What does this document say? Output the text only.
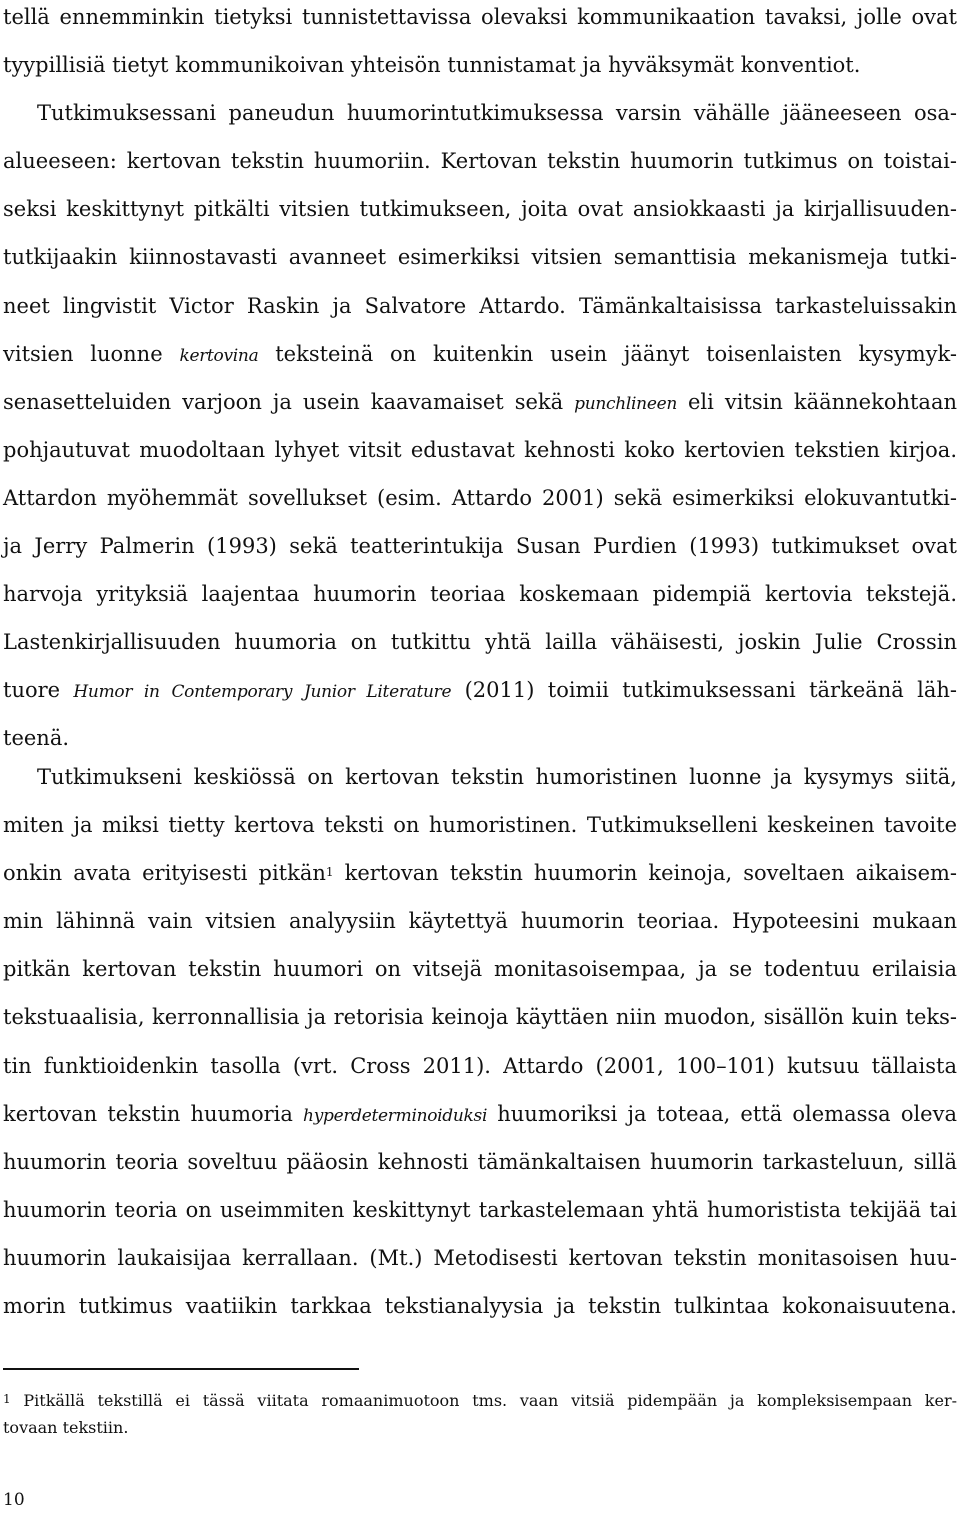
tellä ennemminkin tietyksi tunnistettavissa olevaksi kommunikaation tavaksi, jolle ovat
tyypillisiä tietyt kommunikoivan yhteisön tunnistamat ja hyväksymät konventiot.
Tutkimuksessani paneudun huumorintutkimuksessa varsin vähälle jääneeseen osa-
alueeseen: kertovan tekstin huumoriin. Kertovan tekstin huumorin tutkimus on toistai-
seksi keskittynyt pitkälti vitsien tutkimukseen, joita ovat ansiokkaasti ja kirjallisuuden-
tutkijaakin kiinnostavasti avanneet esimerkiksi vitsien semanttisia mekanismeja tutki-
neet lingvistit Victor Raskin ja Salvatore Attardo. Tämänkaltaisissa tarkasteluissakin
vitsien luonne kertovina teksteinä on kuitenkin usein jäänyt toisenlaisten kysymyk-
senasetteluiden varjoon ja usein kaavamaiset sekä punchlineen eli vitsin käännekohtaan
pohjautuvat muodoltaan lyhyet vitsit edustavat kehnosti koko kertovien tekstien kirjoa.
Attardon myöhemmät sovellukset (esim. Attardo 2001) sekä esimerkiksi elokuvantutki-
ja Jerry Palmerin (1993) sekä teatterintukija Susan Purdien (1993) tutkimukset ovat
harvoja yrityksiä laajentaa huumorin teoriaa koskemaan pidempiä kertovia tekstejä.
Lastenkirjallisuuden huumoria on tutkittu yhtä lailla vähäisesti, joskin Julie Crossin
tuore Humor in Contemporary Junior Literature (2011) toimii tutkimuksessani tärkeänä läh-
teenä.
Tutkimukseni keskiössä on kertovan tekstin humoristinen luonne ja kysymys siitä,
miten ja miksi tietty kertova teksti on humoristinen. Tutkimukselleni keskeinen tavoite
onkin avata erityisesti pitkän$^1$ kertovan tekstin huumorin keinoja, soveltaen aikaisem-
min lähinnä vain vitsien analyysiin käytettyä huumorin teoriaa. Hypoteesini mukaan
pitkän kertovan tekstin huumori on vitsejä monitasoisempaa, ja se todentuu erilaisia
tekstuaalisia, kerronnallisia ja retorisia keinoja käyttäen niin muodon, sisällön kuin teks-
tin funktioidenkin tasolla (vrt. Cross 2011). Attardo (2001, 100–101) kutsuu tällaista
kertovan tekstin huumoria hyperdeterminoiduksi huumoriksi ja toteaa, että olemassa oleva
huumorin teoria soveltuu pääosin kehnosti tämänkaltaisen huumorin tarkasteluun, sillä
huumorin teoria on useimmiten keskittynyt tarkastelemaan yhtä humoristista tekijää tai
huumorin laukaisijaa kerrallaan. (Mt.) Metodisesti kertovan tekstin monitasoisen huu-
morin tutkimus vaatiikin tarkkaa tekstianalyysia ja tekstin tulkintaa kokonaisuutena.
$^1$ Pitkällä tekstillä ei tässä viitata romaanimuotoon tms. vaan vitsiä pidempään ja kompleksisempaan ker-
tovaan tekstiin.
10
